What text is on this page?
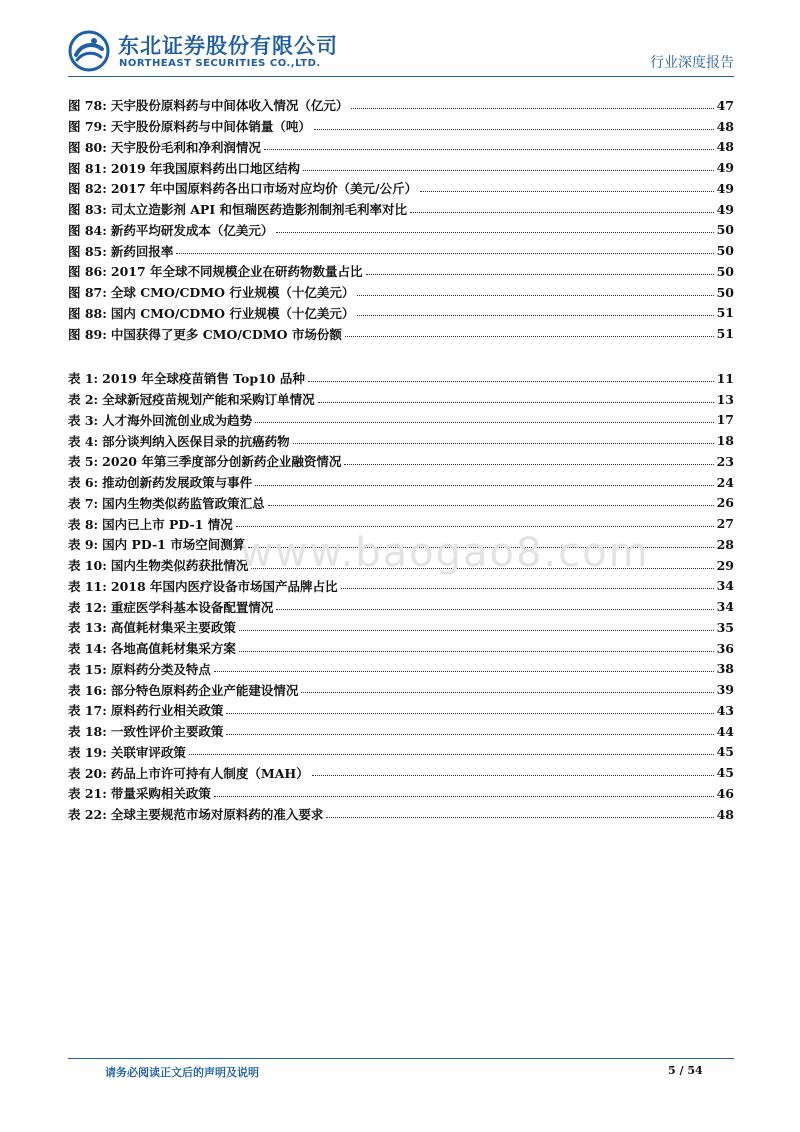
东北证券股份有限公司
NORTHEAST SECURITIES CO.,LTD.	行业深度报告
图 78: 天宇股份原料药与中间体收入情况（亿元）	47
图 79: 天宇股份原料药与中间体销量（吨）	48
图 80: 天宇股份毛利和净利润情况	48
图 81: 2019 年我国原料药出口地区结构	49
图 82: 2017 年中国原料药各出口市场对应均价（美元/公斤）	49
图 83: 司太立造影剂 API 和恒瑞医药造影剂制剂毛利率对比	49
图 84: 新药平均研发成本（亿美元）	50
图 85: 新药回报率	50
图 86: 2017 年全球不同规模企业在研药物数量占比	50
图 87: 全球 CMO/CDMO 行业规模（十亿美元）	50
图 88: 国内 CMO/CDMO 行业规模（十亿美元）	51
图 89: 中国获得了更多 CMO/CDMO 市场份额	51
表 1: 2019 年全球疫苗销售 Top10 品种	11
表 2: 全球新冠疫苗规划产能和采购订单情况	13
表 3: 人才海外回流创业成为趋势	17
表 4: 部分谈判纳入医保目录的抗癌药物	18
表 5: 2020 年第三季度部分创新药企业融资情况	23
表 6: 推动创新药发展政策与事件	24
表 7: 国内生物类似药监管政策汇总	26
表 8: 国内已上市 PD-1 情况	27
表 9: 国内 PD-1 市场空间测算	28
表 10: 国内生物类似药获批情况	29
表 11: 2018 年国内医疗设备市场国产品牌占比	34
表 12: 重症医学科基本设备配置情况	34
表 13: 高值耗材集采主要政策	35
表 14: 各地高值耗材集采方案	36
表 15: 原料药分类及特点	38
表 16: 部分特色原料药企业产能建设情况	39
表 17: 原料药行业相关政策	43
表 18: 一致性评价主要政策	44
表 19: 关联审评政策	45
表 20: 药品上市许可持有人制度（MAH）	45
表 21: 带量采购相关政策	46
表 22: 全球主要规范市场对原料药的准入要求	48
www.baogao8.com
请务必阅读正文后的声明及说明	5 / 54
